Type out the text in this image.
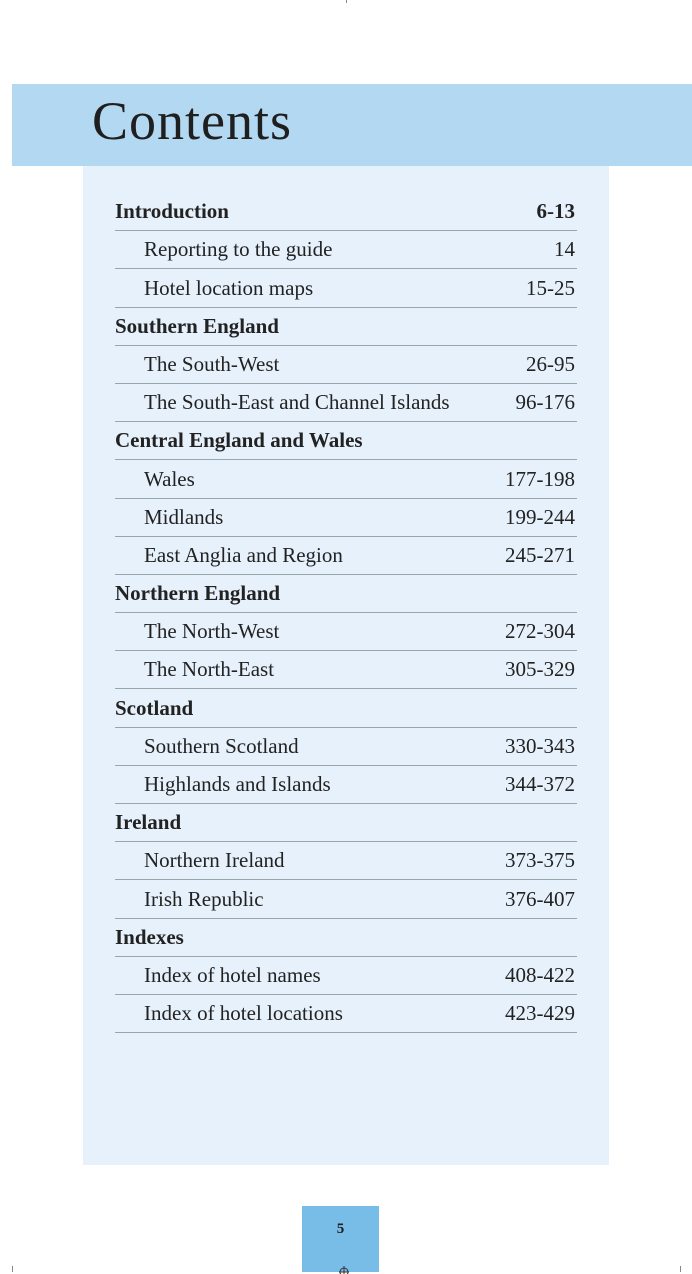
Contents
Introduction	6-13
Reporting to the guide	14
Hotel location maps	15-25
Southern England
The South-West	26-95
The South-East and Channel Islands	96-176
Central England and Wales
Wales	177-198
Midlands	199-244
East Anglia and Region	245-271
Northern England
The North-West	272-304
The North-East	305-329
Scotland
Southern Scotland	330-343
Highlands and Islands	344-372
Ireland
Northern Ireland	373-375
Irish Republic	376-407
Indexes
Index of hotel names	408-422
Index of hotel locations	423-429
5
